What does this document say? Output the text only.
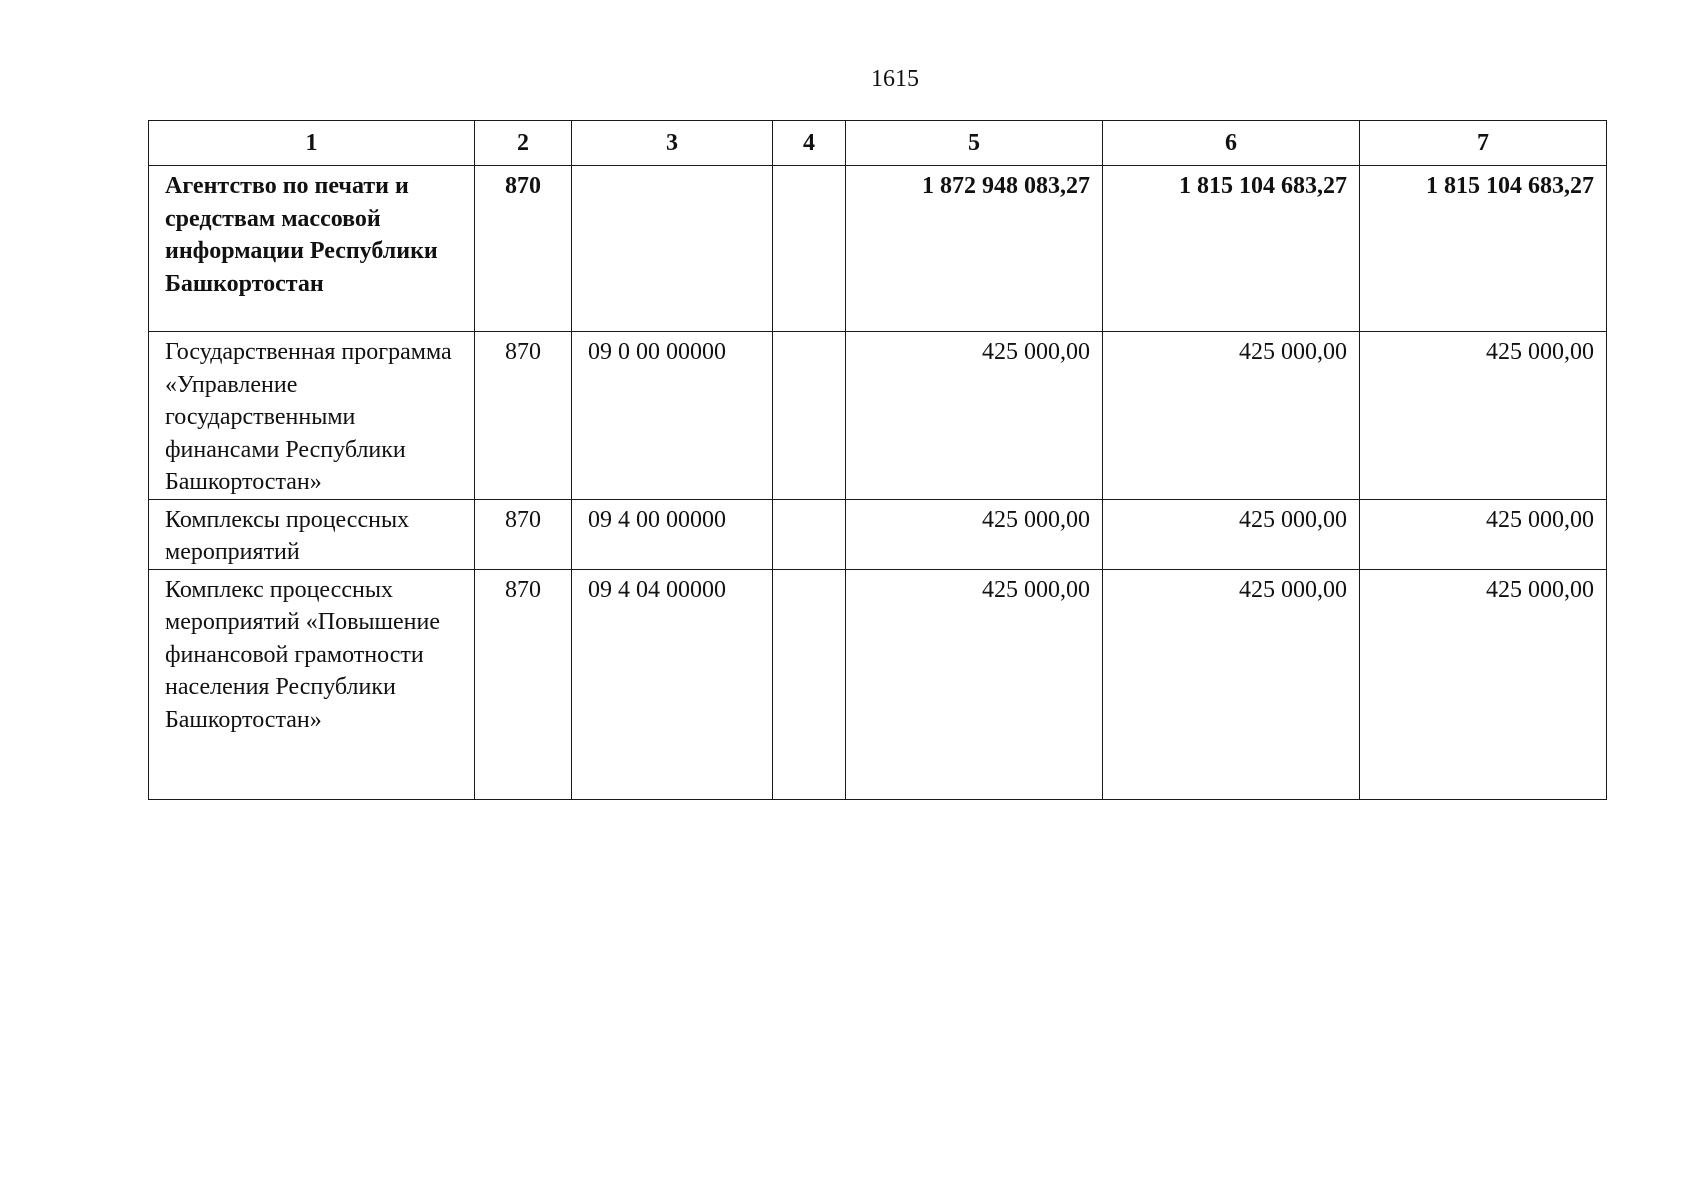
1615
1	2	3	4	5	6	7
Агентство по печати и средствам массовой информации Республики Башкортостан	870			1 872 948 083,27	1 815 104 683,27	1 815 104 683,27
Государственная программа «Управление государственными финансами Республики Башкортостан»	870	09 0 00 00000		425 000,00	425 000,00	425 000,00
Комплексы процессных мероприятий	870	09 4 00 00000		425 000,00	425 000,00	425 000,00
Комплекс процессных мероприятий «Повышение финансовой грамотности населения Республики Башкортостан»	870	09 4 04 00000		425 000,00	425 000,00	425 000,00
